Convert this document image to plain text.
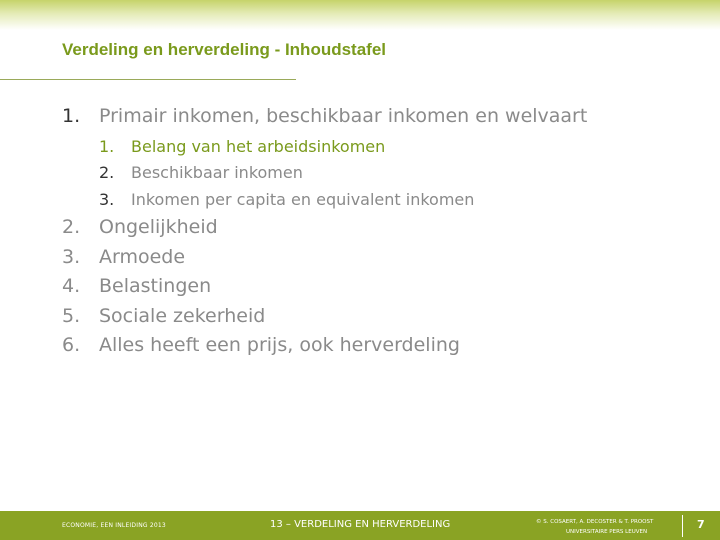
Verdeling en herverdeling - Inhoudstafel
1. Primair inkomen, beschikbaar inkomen en welvaart
1. Belang van het arbeidsinkomen
2. Beschikbaar inkomen
3. Inkomen per capita en equivalent inkomen
2. Ongelijkheid
3. Armoede
4. Belastingen
5. Sociale zekerheid
6. Alles heeft een prijs, ook herverdeling
ECONOMIE, EEN INLEIDING 2013	13 – VERDELING EN HERVERDELING	© S. COSAERT, A. DECOSTER & T. PROOST
UNIVERSITAIRE PERS LEUVEN
7
